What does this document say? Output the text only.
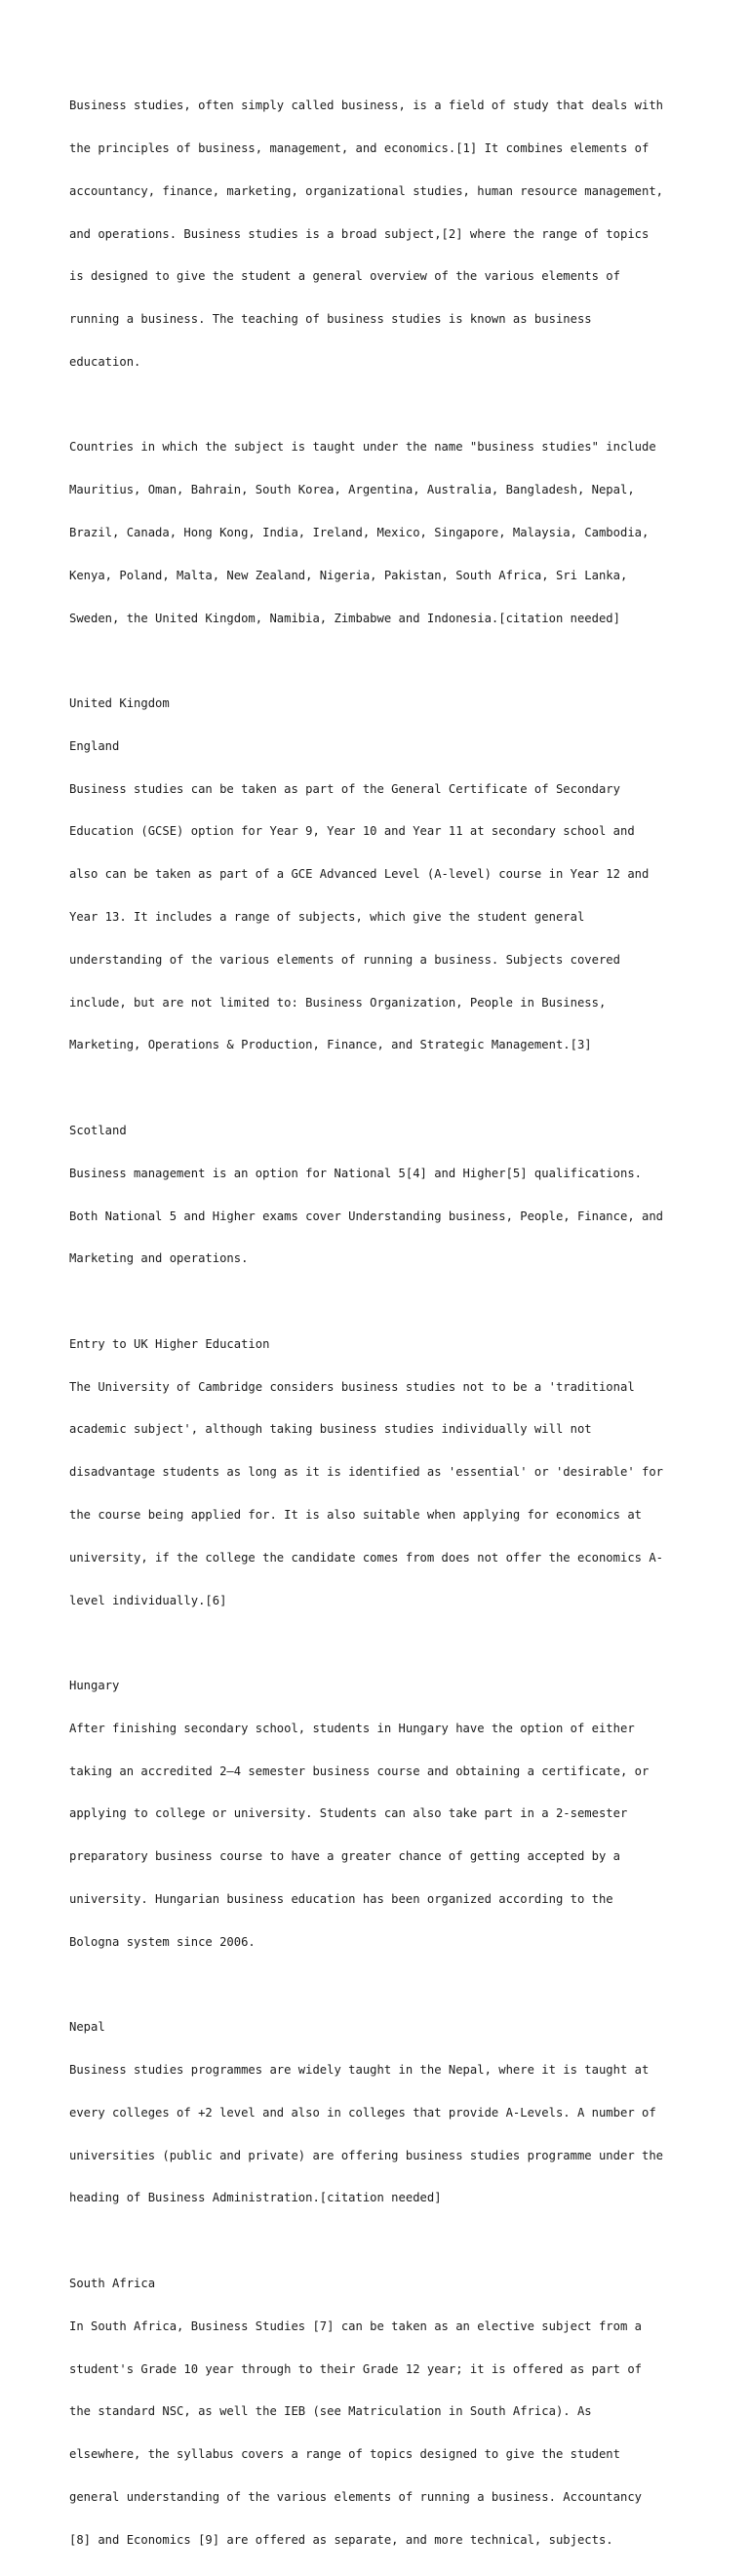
Business studies, often simply called business, is a field of study that deals with

the principles of business, management, and economics.[1] It combines elements of

accountancy, finance, marketing, organizational studies, human resource management,

and operations. Business studies is a broad subject,[2] where the range of topics

is designed to give the student a general overview of the various elements of

running a business. The teaching of business studies is known as business

education.

Countries in which the subject is taught under the name "business studies" include

Mauritius, Oman, Bahrain, South Korea, Argentina, Australia, Bangladesh, Nepal,

Brazil, Canada, Hong Kong, India, Ireland, Mexico, Singapore, Malaysia, Cambodia,

Kenya, Poland, Malta, New Zealand, Nigeria, Pakistan, South Africa, Sri Lanka,

Sweden, the United Kingdom, Namibia, Zimbabwe and Indonesia.[citation needed]

United Kingdom

England

Business studies can be taken as part of the General Certificate of Secondary

Education (GCSE) option for Year 9, Year 10 and Year 11 at secondary school and

also can be taken as part of a GCE Advanced Level (A-level) course in Year 12 and

Year 13. It includes a range of subjects, which give the student general

understanding of the various elements of running a business. Subjects covered

include, but are not limited to: Business Organization, People in Business,

Marketing, Operations & Production, Finance, and Strategic Management.[3]

Scotland

Business management is an option for National 5[4] and Higher[5] qualifications.

Both National 5 and Higher exams cover Understanding business, People, Finance, and

Marketing and operations.

Entry to UK Higher Education

The University of Cambridge considers business studies not to be a 'traditional

academic subject', although taking business studies individually will not

disadvantage students as long as it is identified as 'essential' or 'desirable' for

the course being applied for. It is also suitable when applying for economics at

university, if the college the candidate comes from does not offer the economics A-

level individually.[6]

Hungary

After finishing secondary school, students in Hungary have the option of either

taking an accredited 2–4 semester business course and obtaining a certificate, or

applying to college or university. Students can also take part in a 2-semester

preparatory business course to have a greater chance of getting accepted by a

university. Hungarian business education has been organized according to the

Bologna system since 2006.

Nepal

Business studies programmes are widely taught in the Nepal, where it is taught at

every colleges of +2 level and also in colleges that provide A-Levels. A number of

universities (public and private) are offering business studies programme under the

heading of Business Administration.[citation needed]

South Africa

In South Africa, Business Studies [7] can be taken as an elective subject from a

student's Grade 10 year through to their Grade 12 year; it is offered as part of

the standard NSC, as well the IEB (see Matriculation in South Africa). As

elsewhere, the syllabus covers a range of topics designed to give the student

general understanding of the various elements of running a business. Accountancy

[8] and Economics [9] are offered as separate, and more technical, subjects.
